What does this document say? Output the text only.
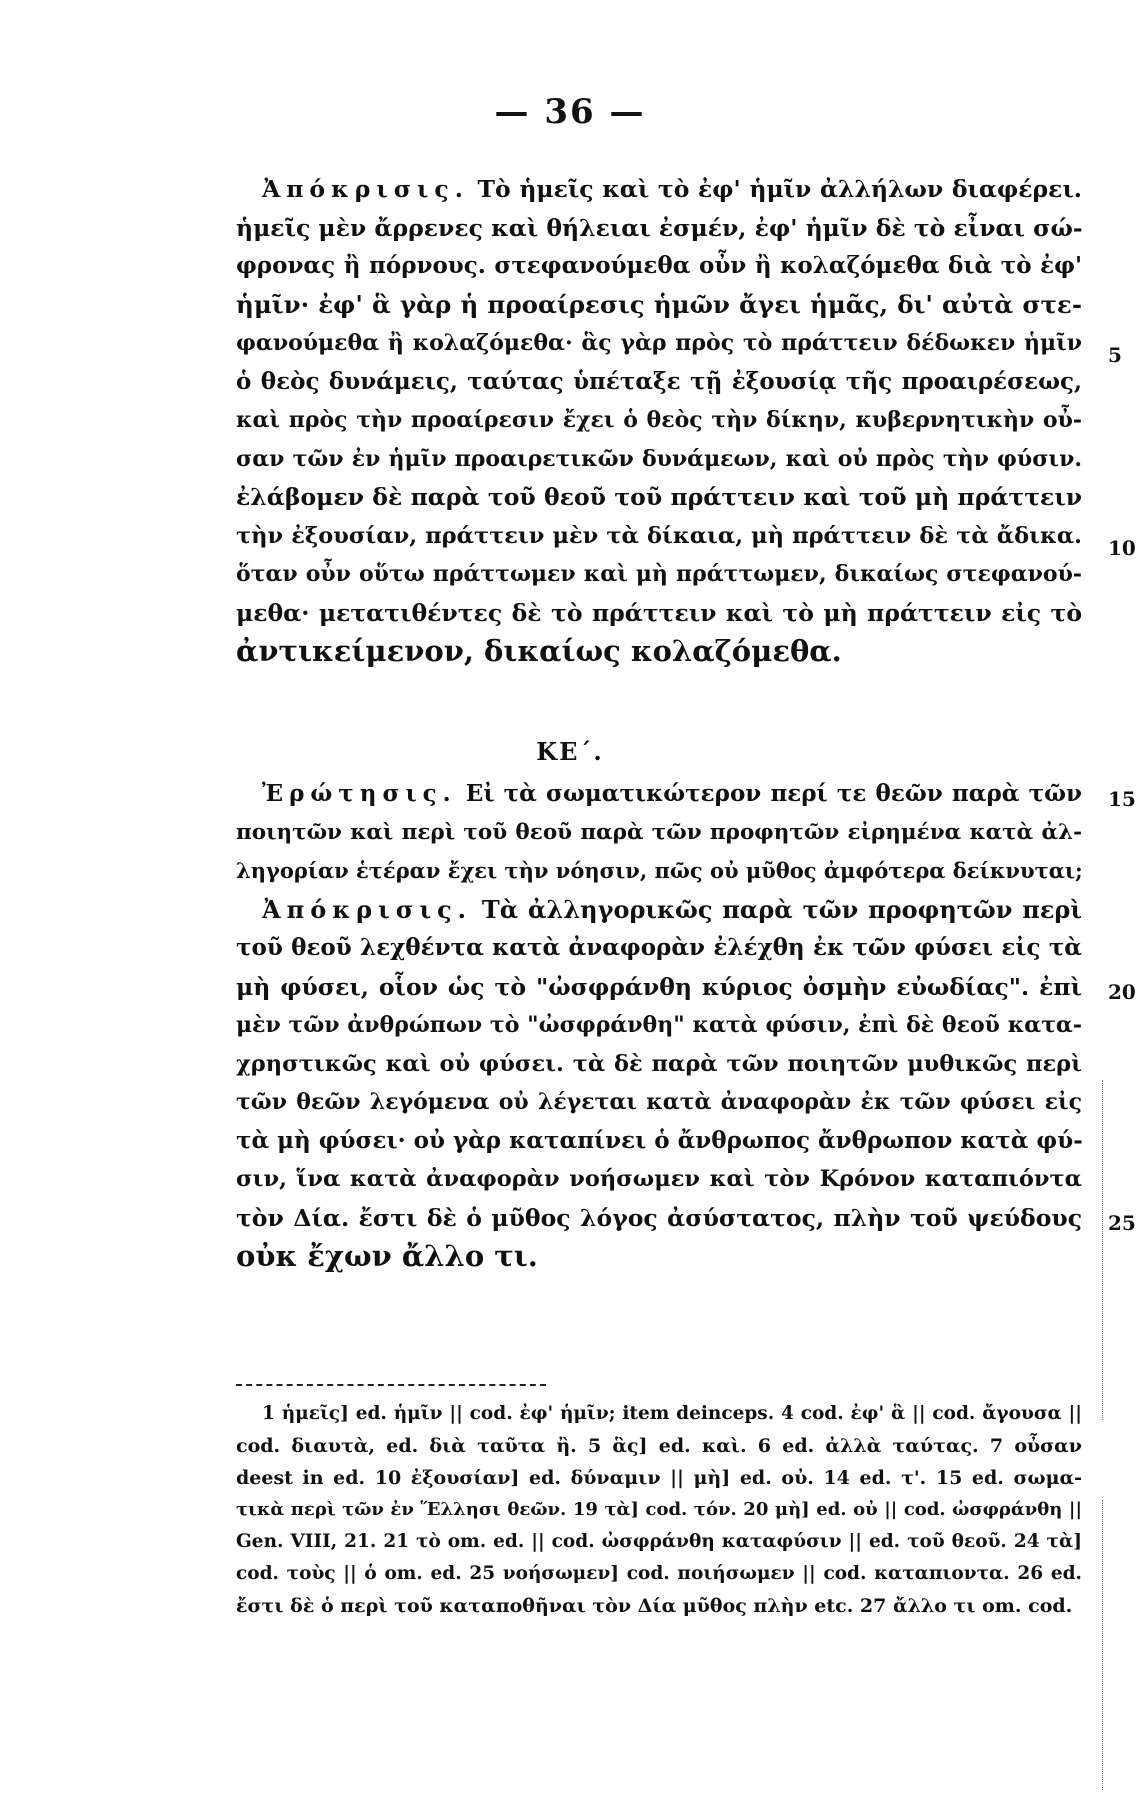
— 36 —
Ἀπόκρισις. Τὸ ἡμεῖς καὶ τὸ ἐφ' ἡμῖν ἀλλήλων διαφέρει.
ἡμεῖς μὲν ἄρρενες καὶ θήλειαι ἐσμέν, ἐφ' ἡμῖν δὲ τὸ εἶναι σώ-
φρονας ἢ πόρνους. στεφανούμεθα οὖν ἢ κολαζόμεθα διὰ τὸ ἐφ'
ἡμῖν· ἐφ' ἃ γὰρ ἡ προαίρεσις ἡμῶν ἄγει ἡμᾶς, δι' αὐτὰ στε-
φανούμεθα ἢ κολαζόμεθα· ἃς γὰρ πρὸς τὸ πράττειν δέδωκεν ἡμῖν
ὁ θεὸς δυνάμεις, ταύτας ὑπέταξε τῇ ἐξουσίᾳ τῆς προαιρέσεως,
καὶ πρὸς τὴν προαίρεσιν ἔχει ὁ θεὸς τὴν δίκην, κυβερνητικὴν οὖ-
σαν τῶν ἐν ἡμῖν προαιρετικῶν δυνάμεων, καὶ οὐ πρὸς τὴν φύσιν.
ἐλάβομεν δὲ παρὰ τοῦ θεοῦ τοῦ πράττειν καὶ τοῦ μὴ πράττειν
τὴν ἐξουσίαν, πράττειν μὲν τὰ δίκαια, μὴ πράττειν δὲ τὰ ἄδικα.
ὅταν οὖν οὕτω πράττωμεν καὶ μὴ πράττωμεν, δικαίως στεφανού-
μεθα· μετατιθέντες δὲ τὸ πράττειν καὶ τὸ μὴ πράττειν εἰς τὸ
ἀντικείμενον, δικαίως κολαζόμεθα.
Ἐρώτησις. Εἰ τὰ σωματικώτερον περί τε θεῶν παρὰ τῶν
ποιητῶν καὶ περὶ τοῦ θεοῦ παρὰ τῶν προφητῶν εἰρημένα κατὰ ἀλ-
ληγορίαν ἑτέραν ἔχει τὴν νόησιν, πῶς οὐ μῦθος ἀμφότερα δείκνυται;
Ἀπόκρισις. Τὰ ἀλληγορικῶς παρὰ τῶν προφητῶν περὶ
τοῦ θεοῦ λεχθέντα κατὰ ἀναφορὰν ἐλέχθη ἐκ τῶν φύσει εἰς τὰ
μὴ φύσει, οἷον ὡς τὸ "ὠσφράνθη κύριος ὀσμὴν εὐωδίας". ἐπὶ
μὲν τῶν ἀνθρώπων τὸ "ὠσφράνθη" κατὰ φύσιν, ἐπὶ δὲ θεοῦ κατα-
χρηστικῶς καὶ οὐ φύσει. τὰ δὲ παρὰ τῶν ποιητῶν μυθικῶς περὶ
τῶν θεῶν λεγόμενα οὐ λέγεται κατὰ ἀναφορὰν ἐκ τῶν φύσει εἰς
τὰ μὴ φύσει· οὐ γὰρ καταπίνει ὁ ἄνθρωπος ἄνθρωπον κατὰ φύ-
σιν, ἵνα κατὰ ἀναφορὰν νοήσωμεν καὶ τὸν Κρόνον καταπιόντα
τὸν Δία. ἔστι δὲ ὁ μῦθος λόγος ἀσύστατος, πλὴν τοῦ ψεύδους
οὐκ ἔχων ἄλλο τι.
ΚΕ΄.
5
10
15
20
25
1 ἡμεῖς] ed. ἡμῖν || cod. ἐφ' ἡμῖν; item deinceps. 4 cod. ἐφ' ἃ || cod. ἄγουσα ||
cod. διαυτὰ, ed. διὰ ταῦτα ἢ. 5 ἃς] ed. καὶ. 6 ed. ἀλλὰ ταύτας. 7 οὖσαν
deest in ed. 10 ἐξουσίαν] ed. δύναμιν || μὴ] ed. οὐ. 14 ed. τ'. 15 ed. σωμα-
τικὰ περὶ τῶν ἐν Ἕλλησι θεῶν. 19 τὰ] cod. τόν. 20 μὴ] ed. οὐ || cod. ὠσφράνθη ||
Gen. VIII, 21. 21 τὸ om. ed. || cod. ὠσφράνθη καταφύσιν || ed. τοῦ θεοῦ. 24 τὰ]
cod. τοὺς || ὁ om. ed. 25 νοήσωμεν] cod. ποιήσωμεν || cod. καταπιοντα. 26 ed.
ἔστι δὲ ὁ περὶ τοῦ καταποθῆναι τὸν Δία μῦθος πλὴν etc. 27 ἄλλο τι om. cod.
